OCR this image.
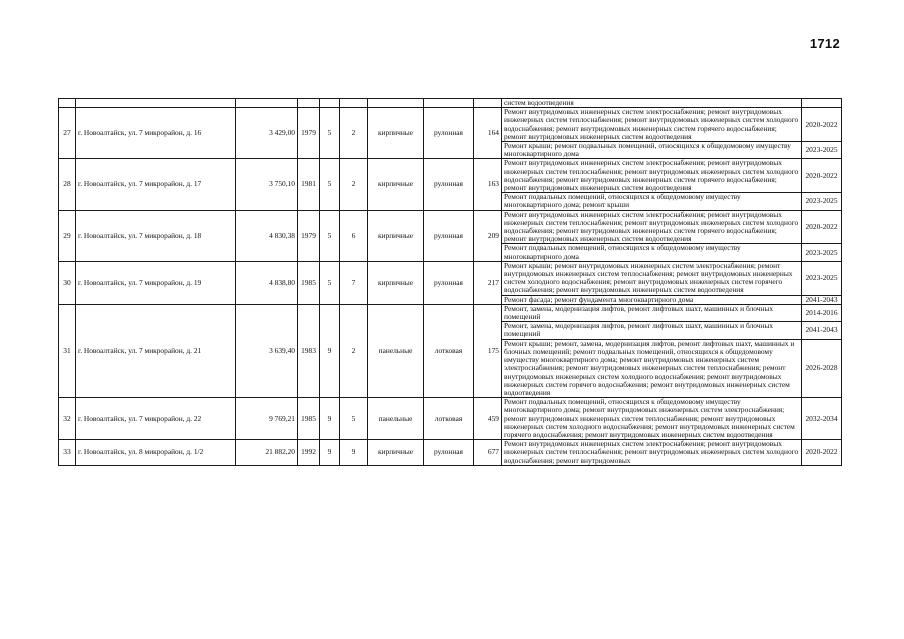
1712
									систем водоотведения	
27	г. Новоалтайск, ул. 7 микрорайон, д. 16	3 429,00	1979	5	2	кирпичные	рулонная	164	Ремонт внутридомовых инженерных систем электроснабжения; ремонт внутридомовых инженерных систем теплоснабжения; ремонт внутридомовых инженерных систем холодного водоснабжения; ремонт внутридомовых инженерных систем горячего водоснабжения; ремонт внутридомовых инженерных систем водоотведения	2020-2022
									Ремонт крыши; ремонт подвальных помещений, относящихся к общедомовому имуществу многоквартирного дома	2023-2025
28	г. Новоалтайск, ул. 7 микрорайон, д. 17	3 750,10	1981	5	2	кирпичные	рулонная	163	Ремонт внутридомовых инженерных систем электроснабжения; ремонт внутридомовых инженерных систем теплоснабжения; ремонт внутридомовых инженерных систем холодного водоснабжения; ремонт внутридомовых инженерных систем горячего водоснабжения; ремонт внутридомовых инженерных систем водоотведения	2020-2022
									Ремонт подвальных помещений, относящихся к общедомовому имуществу многоквартирного дома; ремонт крыши	2023-2025
29	г. Новоалтайск, ул. 7 микрорайон, д. 18	4 830,38	1979	5	6	кирпичные	рулонная	209	Ремонт внутридомовых инженерных систем электроснабжения; ремонт внутридомовых инженерных систем теплоснабжения; ремонт внутридомовых инженерных систем холодного водоснабжения; ремонт внутридомовых инженерных систем горячего водоснабжения; ремонт внутридомовых инженерных систем водоотведения	2020-2022
									Ремонт подвальных помещений, относящихся к общедомовому имуществу многоквартирного дома	2023-2025
30	г. Новоалтайск, ул. 7 микрорайон, д. 19	4 838,80	1985	5	7	кирпичные	рулонная	217	Ремонт крыши; ремонт внутридомовых инженерных систем электроснабжения; ремонт внутридомовых инженерных систем теплоснабжения; ремонт внутридомовых инженерных систем холодного водоснабжения; ремонт внутридомовых инженерных систем горячего водоснабжения; ремонт внутридомовых инженерных систем водоотведения	2023-2025
									Ремонт фасада; ремонт фундамента многоквартирного дома	2041-2043
31	г. Новоалтайск, ул. 7 микрорайон, д. 21	3 639,40	1983	9	2	панельные	лотковая	175	Ремонт, замена, модернизация лифтов, ремонт лифтовых шахт, машинных и блочных помещений	2014-2016
									Ремонт, замена, модернизация лифтов, ремонт лифтовых шахт, машинных и блочных помещений	2041-2043
									Ремонт крыши; ремонт, замена, модернизация лифтов, ремонт лифтовых шахт, машинных и блочных помещений; ремонт подвальных помещений, относящихся к общедомовому имуществу многоквартирного дома; ремонт внутридомовых инженерных систем электроснабжения; ремонт внутридомовых инженерных систем теплоснабжения; ремонт внутридомовых инженерных систем холодного водоснабжения; ремонт внутридомовых инженерных систем горячего водоснабжения; ремонт внутридомовых инженерных систем водоотведения	2026-2028
32	г. Новоалтайск, ул. 7 микрорайон, д. 22	9 769,21	1985	9	5	панельные	лотковая	459	Ремонт подвальных помещений, относящихся к общедомовому имуществу многоквартирного дома; ремонт внутридомовых инженерных систем электроснабжения; ремонт внутридомовых инженерных систем теплоснабжения; ремонт внутридомовых инженерных систем холодного водоснабжения; ремонт внутридомовых инженерных систем горячего водоснабжения; ремонт внутридомовых инженерных систем водоотведения	2032-2034
33	г. Новоалтайск, ул. 8 микрорайон, д. 1/2	21 882,20	1992	9	9	кирпичные	рулонная	677	Ремонт внутридомовых инженерных систем электроснабжения; ремонт внутридомовых инженерных систем теплоснабжения; ремонт внутридомовых инженерных систем холодного водоснабжения; ремонт внутридомовых	2020-2022
